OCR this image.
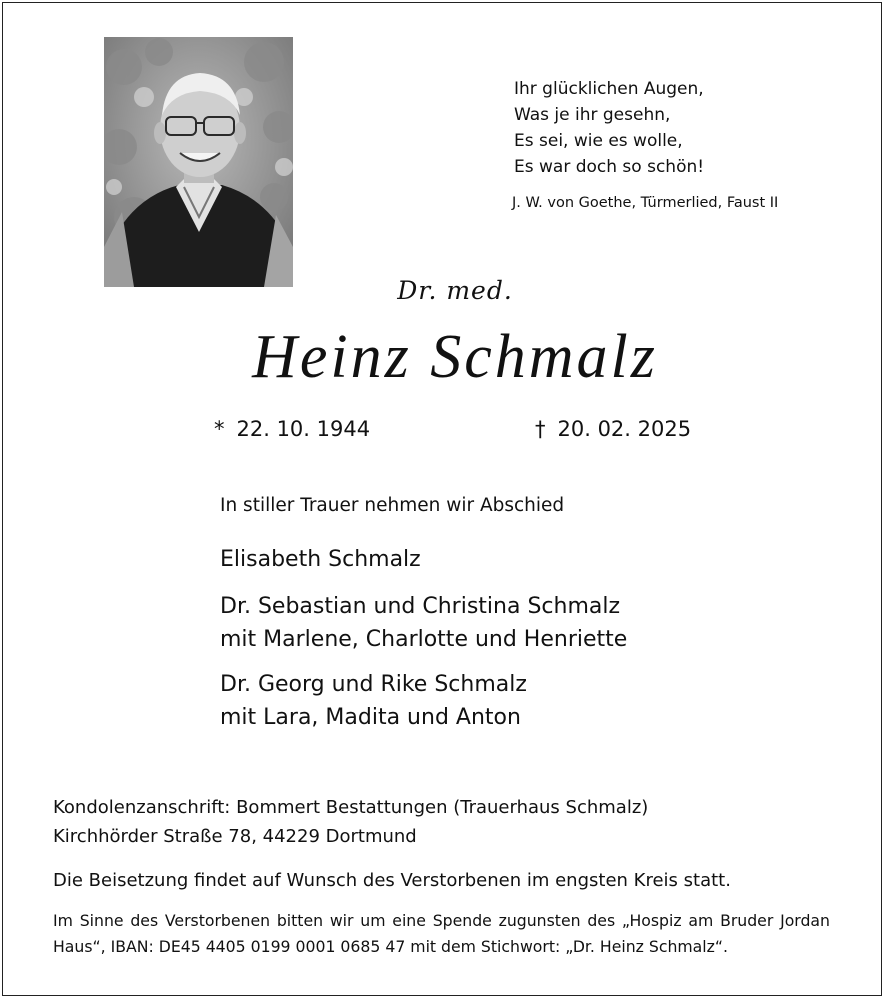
Ihr glücklichen Augen,
Was je ihr gesehn,
Es sei, wie es wolle,
Es war doch so schön!
J. W. von Goethe, Türmerlied, Faust II
Dr. med.
Heinz Schmalz
* 22. 10. 1944	† 20. 02. 2025
In stiller Trauer nehmen wir Abschied
Elisabeth Schmalz
Dr. Sebastian und Christina Schmalz
mit Marlene, Charlotte und Henriette
Dr. Georg und Rike Schmalz
mit Lara, Madita und Anton
Kondolenzanschrift: Bommert Bestattungen (Trauerhaus Schmalz)
Kirchhörder Straße 78, 44229 Dortmund
Die Beisetzung findet auf Wunsch des Verstorbenen im engsten Kreis statt.
Im Sinne des Verstorbenen bitten wir um eine Spende zugunsten des „Hospiz am Bruder Jordan Haus“, IBAN: DE45 4405 0199 0001 0685 47 mit dem Stichwort: „Dr. Heinz Schmalz“.
